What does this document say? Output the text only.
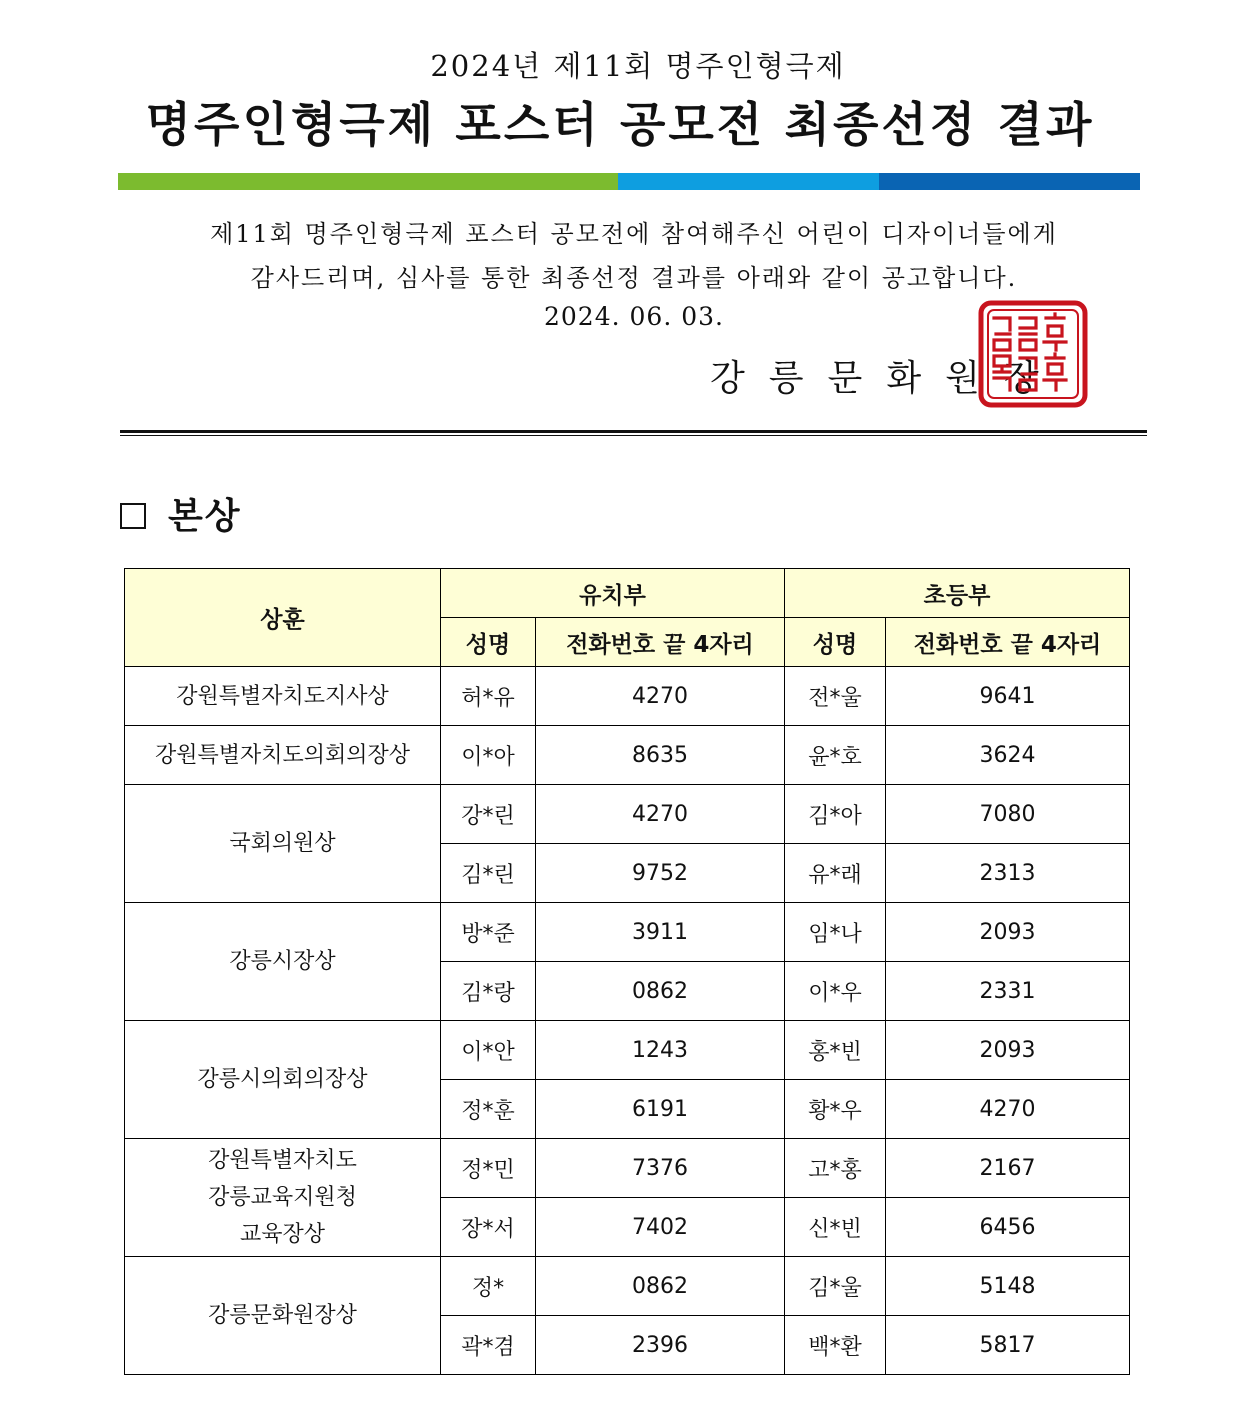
2024년 제11회 명주인형극제
명주인형극제 포스터 공모전 최종선정 결과
제11회 명주인형극제 포스터 공모전에 참여해주신 어린이 디자이너들에게
감사드리며, 심사를 통한 최종선정 결과를 아래와 같이 공고합니다.
2024. 06. 03.
강릉문화원장
본상
상훈	유치부		초등부	
	성명	전화번호 끝 4자리	성명	전화번호 끝 4자리

강원특별자치도지사상	허*유	4270	전*울	9641

강원특별자치도의회의장상	이*아	8635	윤*호	3624

국회의원상	강*린	4270	김*아	7080
	김*린	9752	유*래	2313

강릉시장상	방*준	3911	임*나	2093
	김*랑	0862	이*우	2331

강릉시의회의장상	이*안	1243	홍*빈	2093
	정*훈	6191	황*우	4270

강원특별자치도
강릉교육지원청
교육장상	정*민	7376	고*홍	2167
	장*서	7402	신*빈	6456

강릉문화원장상	정*	0862	김*울	5148
	곽*겸	2396	백*환	5817
